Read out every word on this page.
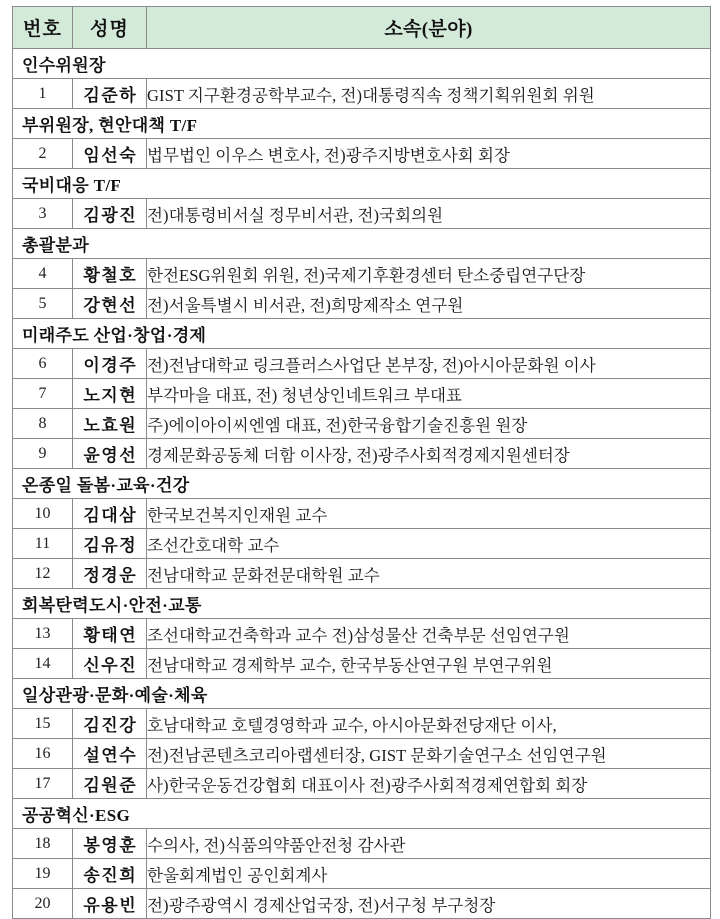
번호	성명	소속(분야)
인수위원장		
1	김준하	GIST 지구환경공학부교수, 전)대통령직속 정책기획위원회 위원
부위원장, 현안대책 T/F		
2	임선숙	법무법인 이우스 변호사, 전)광주지방변호사회 회장
국비대응 T/F		
3	김광진	전)대통령비서실 정무비서관, 전)국회의원
총괄분과		
4	황철호	한전ESG위원회 위원, 전)국제기후환경센터 탄소중립연구단장
5	강현선	전)서울특별시 비서관, 전)희망제작소 연구원
미래주도 산업·창업·경제		
6	이경주	전)전남대학교 링크플러스사업단 본부장, 전)아시아문화원 이사
7	노지현	부각마을 대표, 전) 청년상인네트워크 부대표
8	노효원	주)에이아이씨엔엠 대표, 전)한국융합기술진흥원 원장
9	윤영선	경제문화공동체 더함 이사장, 전)광주사회적경제지원센터장
온종일 돌봄·교육·건강		
10	김대삼	한국보건복지인재원 교수
11	김유정	조선간호대학 교수
12	정경운	전남대학교 문화전문대학원 교수
회복탄력도시·안전·교통		
13	황태연	조선대학교건축학과 교수 전)삼성물산 건축부문 선임연구원
14	신우진	전남대학교 경제학부 교수, 한국부동산연구원 부연구위원
일상관광·문화·예술·체육		
15	김진강	호남대학교 호텔경영학과 교수, 아시아문화전당재단 이사,
16	설연수	전)전남콘텐츠코리아랩센터장, GIST 문화기술연구소 선임연구원
17	김원준	사)한국운동건강협회 대표이사 전)광주사회적경제연합회 회장
공공혁신·ESG		
18	봉영훈	수의사, 전)식품의약품안전청 감사관
19	송진희	한울회계법인 공인회계사
20	유용빈	전)광주광역시 경제산업국장, 전)서구청 부구청장
